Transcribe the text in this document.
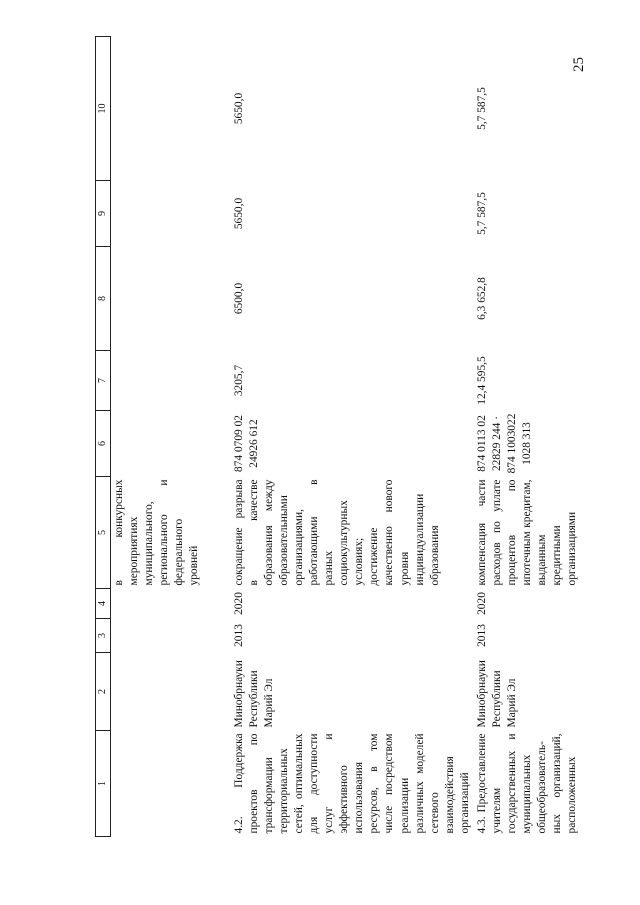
25
1	2	3	4	5	6	7	8	9	10
				в конкурсных мероприятиях муниципального, регионального и федерального уровней					
4.2. Поддержка проектов по трансформации территориальных сетей, оптимальных для доступности услуг и эффективного использования ресурсов, в том числе посредством реализации различных моделей сетевого взаимодействия организаций	Минобрнауки Республики Марий Эл	2013	2020	сокращение разрыва в качестве образования между образовательными организациями, работающими в разных социокультурных условиях; достижение качественно нового уровня индивидуализации образования	874 0709 0224926 612	3205,7	6500,0	5650,0	5650,0
4.3. Предоставление учителям государственных и муниципальных общеобразователь-ных организаций, расположенных	Минобрнауки Республики Марий Эл	2013	2020	компенсация части расходов по уплате процентов по ипотечным кредитам, выданным кредитными организациями	874 0113 0222829 244 · 874 10030221028 313	12,4 595,5	6,3 652,8	5,7 587,5	5,7 587,5
